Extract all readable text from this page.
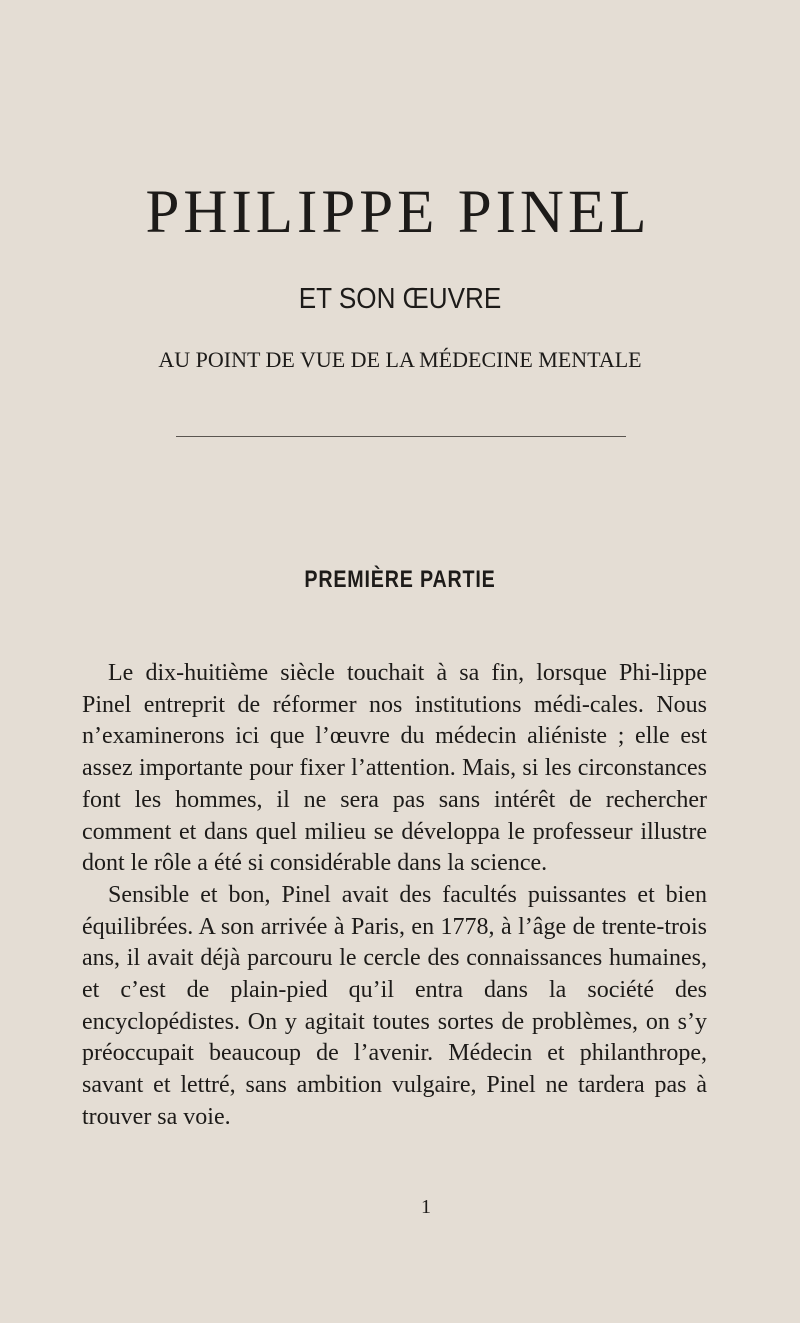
PHILIPPE PINEL
ET SON ŒUVRE
AU POINT DE VUE DE LA MÉDECINE MENTALE
PREMIÈRE PARTIE

Le dix-huitième siècle touchait à sa fin, lorsque Phi-lippe Pinel entreprit de réformer nos institutions médi-cales. Nous n’examinerons ici que l’œuvre du médecin aliéniste ; elle est assez importante pour fixer l’attention. Mais, si les circonstances font les hommes, il ne sera pas sans intérêt de rechercher comment et dans quel milieu se développa le professeur illustre dont le rôle a été si considérable dans la science.

Sensible et bon, Pinel avait des facultés puissantes et bien équilibrées. A son arrivée à Paris, en 1778, à l’âge de trente-trois ans, il avait déjà parcouru le cercle des connaissances humaines, et c’est de plain-pied qu’il entra dans la société des encyclopédistes. On y agitait toutes sortes de problèmes, on s’y préoccupait beaucoup de l’avenir. Médecin et philanthrope, savant et lettré, sans ambition vulgaire, Pinel ne tardera pas à trouver sa voie.

1
